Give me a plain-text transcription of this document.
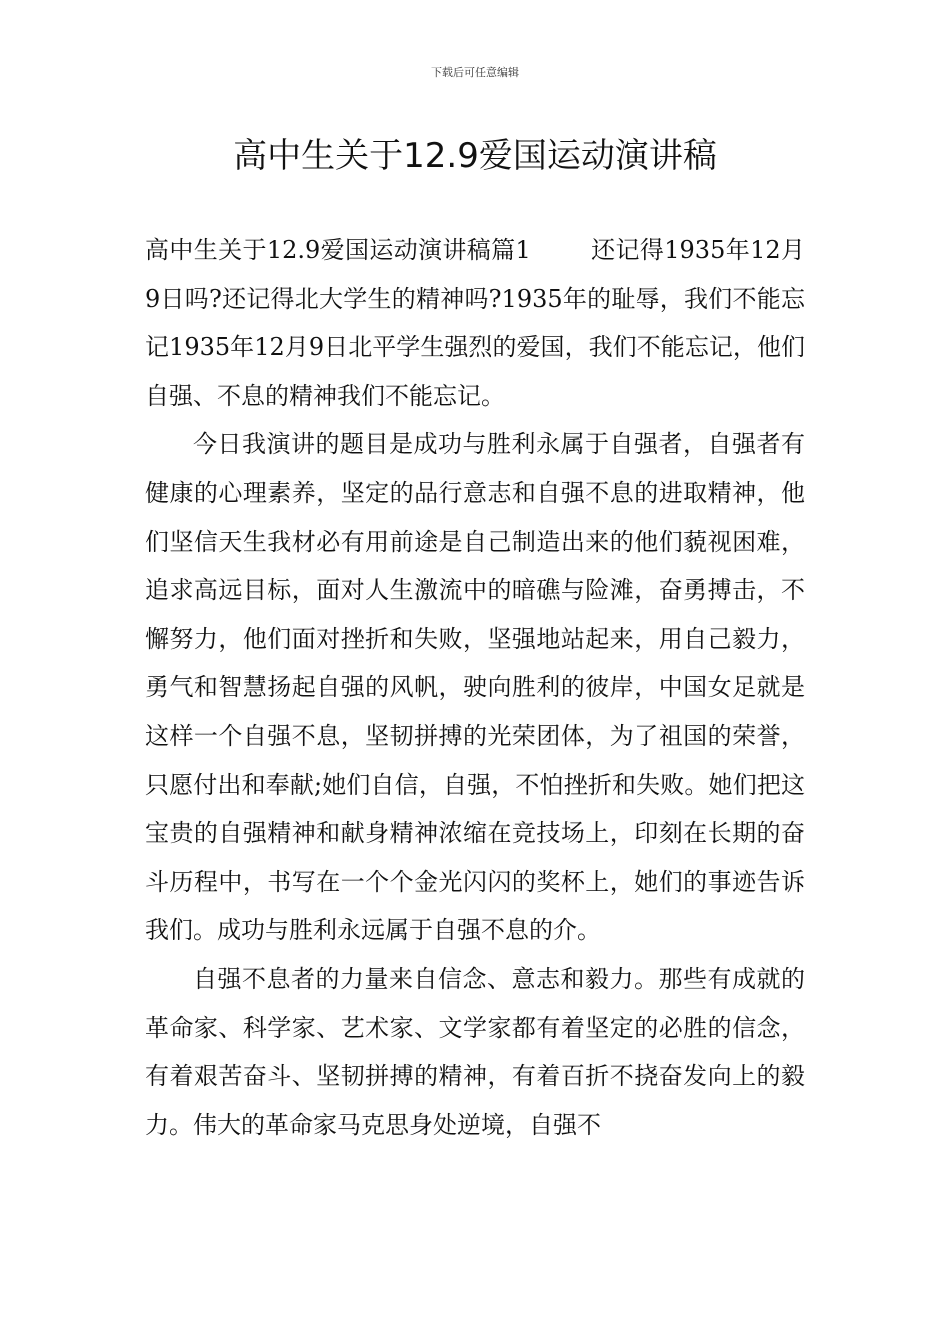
下载后可任意编辑
高中生关于12.9爱国运动演讲稿

高中生关于12.9爱国运动演讲稿篇1	还记得1935年12月9日吗?还记得北大学生的精神吗?1935年的耻辱，我们不能忘记1935年12月9日北平学生强烈的爱国，我们不能忘记，他们自强、不息的精神我们不能忘记。

今日我演讲的题目是成功与胜利永属于自强者，自强者有健康的心理素养，坚定的品行意志和自强不息的进取精神，他们坚信天生我材必有用前途是自己制造出来的他们藐视困难，追求高远目标，面对人生激流中的暗礁与险滩，奋勇搏击，不懈努力，他们面对挫折和失败，坚强地站起来，用自己毅力，勇气和智慧扬起自强的风帆，驶向胜利的彼岸，中国女足就是这样一个自强不息，坚韧拼搏的光荣团体，为了祖国的荣誉，只愿付出和奉献;她们自信，自强，不怕挫折和失败。她们把这宝贵的自强精神和献身精神浓缩在竞技场上，印刻在长期的奋斗历程中，书写在一个个金光闪闪的奖杯上，她们的事迹告诉我们。成功与胜利永远属于自强不息的介。

自强不息者的力量来自信念、意志和毅力。那些有成就的革命家、科学家、艺术家、文学家都有着坚定的必胜的信念，有着艰苦奋斗、坚韧拼搏的精神，有着百折不挠奋发向上的毅力。伟大的革命家马克思身处逆境，自强不
